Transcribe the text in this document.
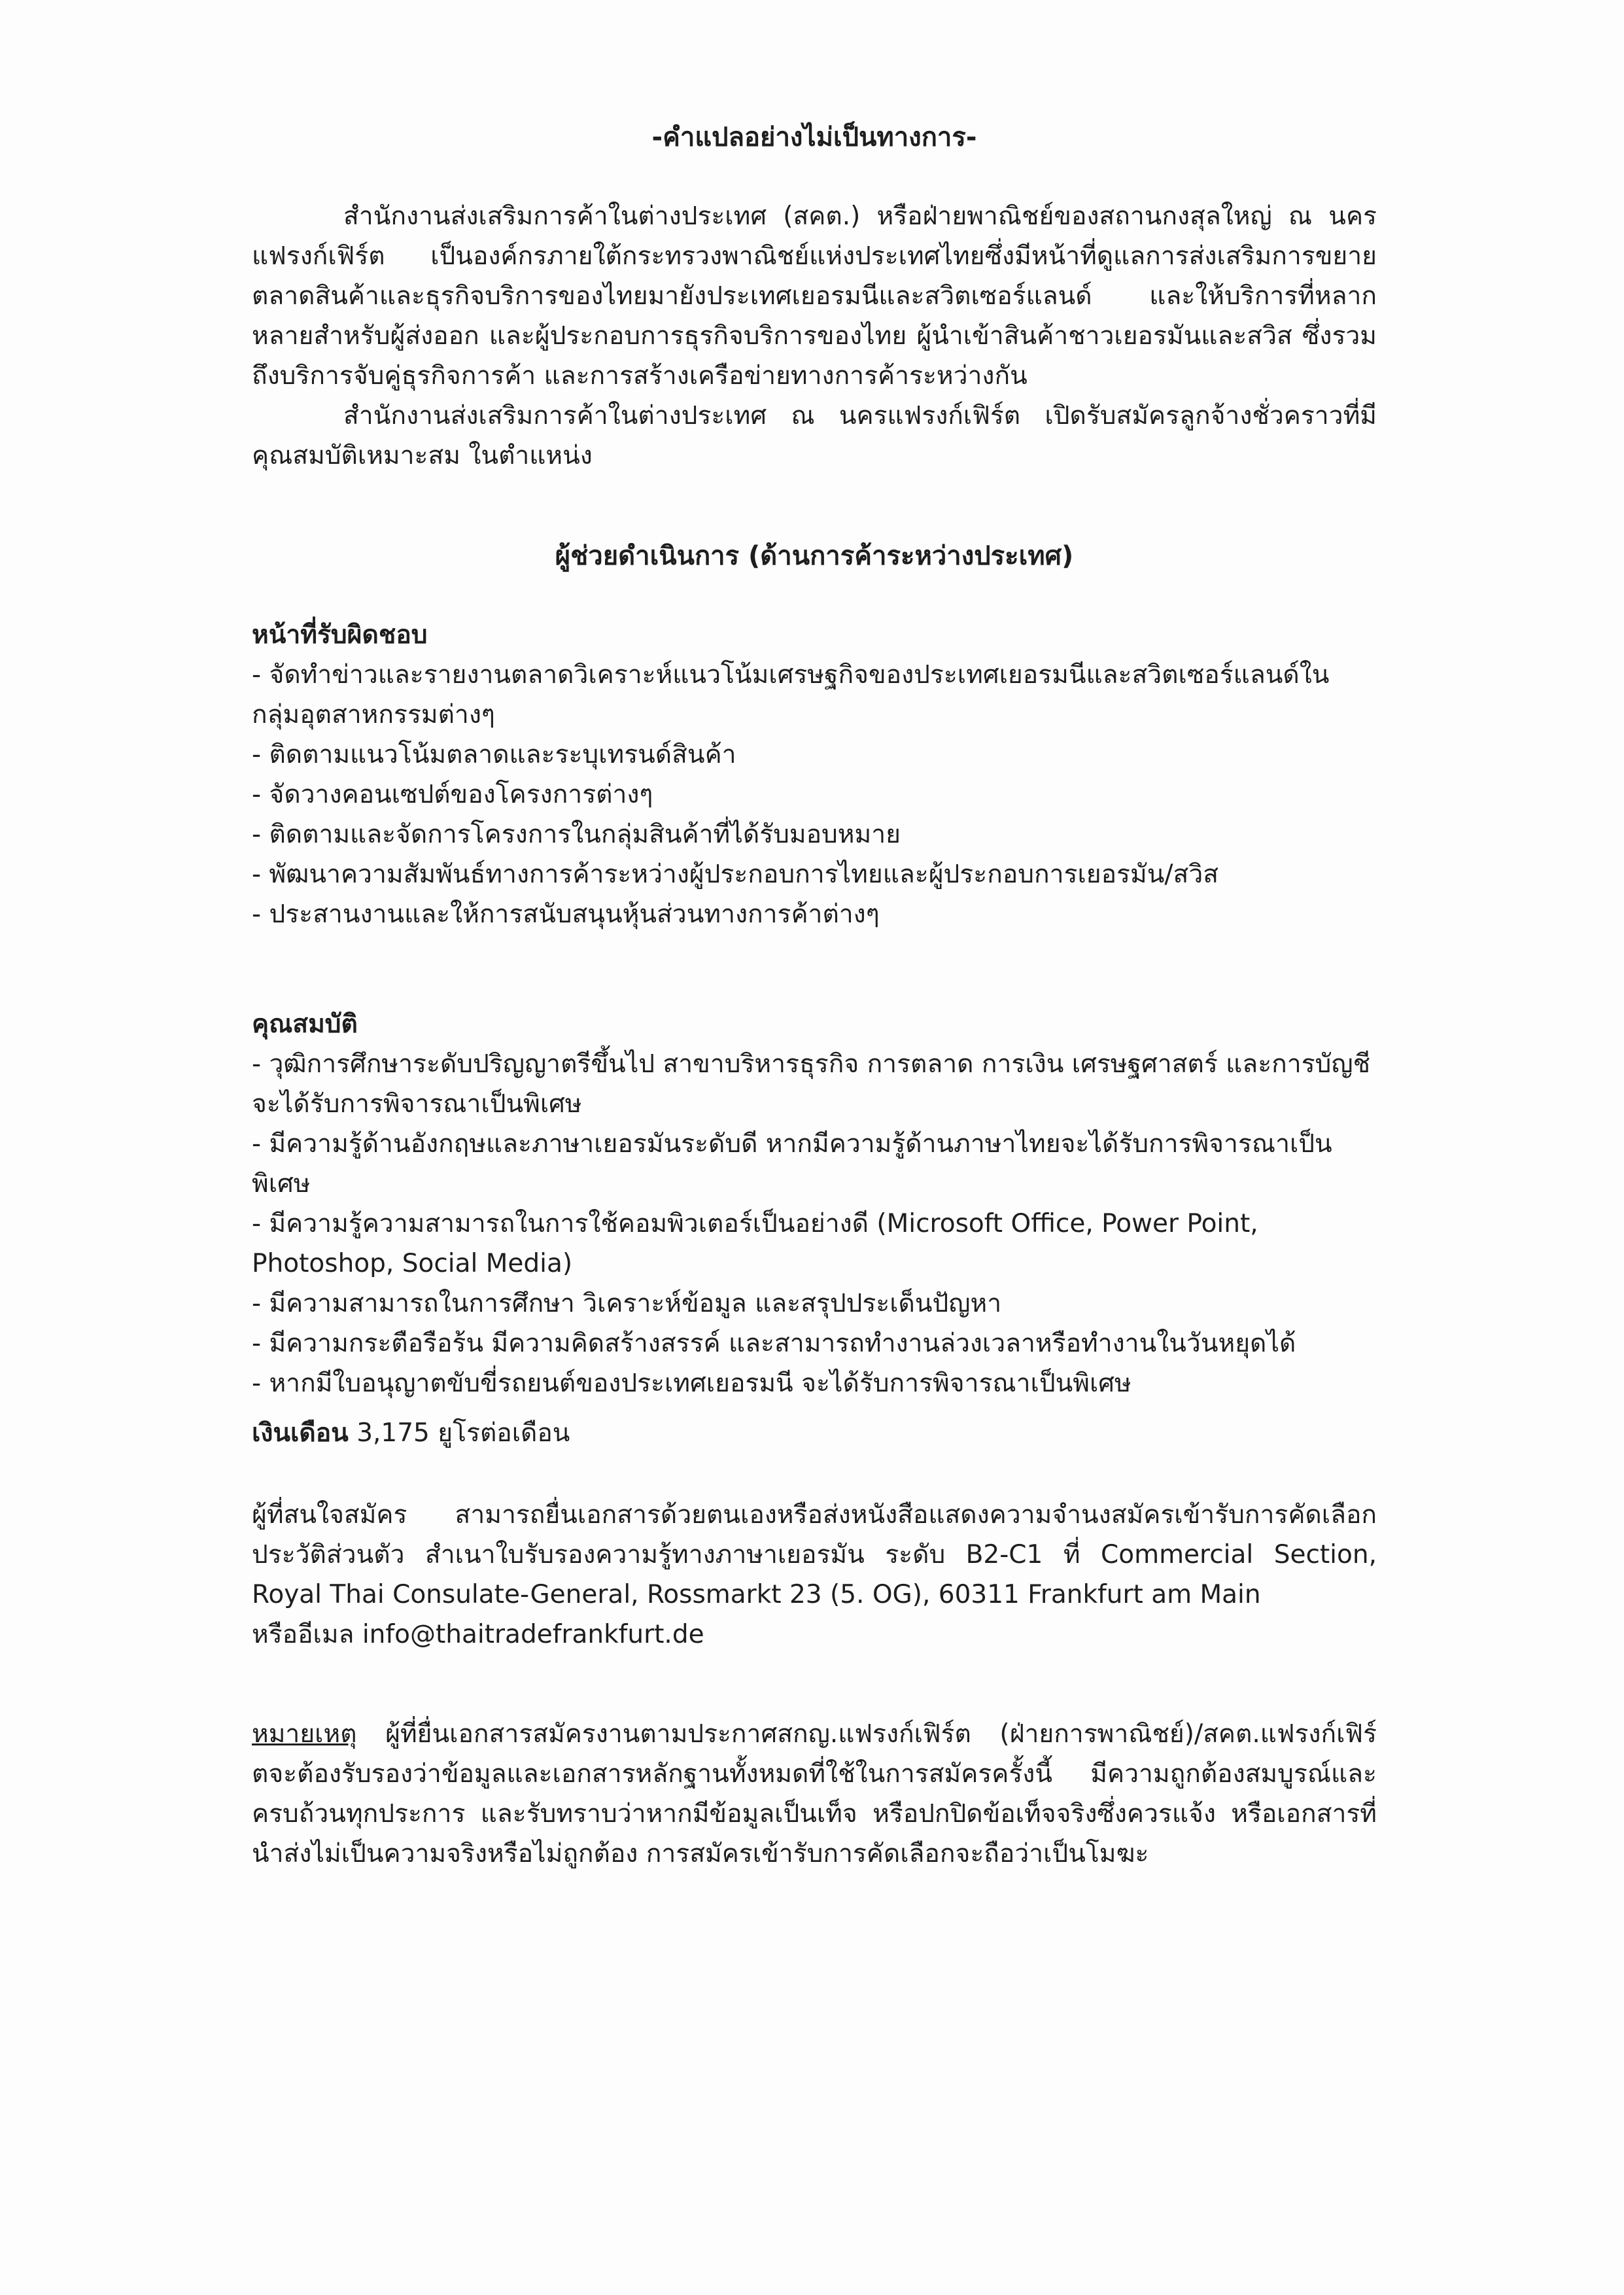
-คำแปลอย่างไม่เป็นทางการ-
สำนักงานส่งเสริมการค้าในต่างประเทศ (สคต.) หรือฝ่ายพาณิชย์ของสถานกงสุลใหญ่ ณ นครแฟรงก์เฟิร์ต เป็นองค์กรภายใต้กระทรวงพาณิชย์แห่งประเทศไทยซึ่งมีหน้าที่ดูแลการส่งเสริมการขยายตลาดสินค้าและธุรกิจบริการของไทยมายังประเทศเยอรมนีและสวิตเซอร์แลนด์ และให้บริการที่หลากหลายสำหรับผู้ส่งออก และผู้ประกอบการธุรกิจบริการของไทย ผู้นำเข้าสินค้าชาวเยอรมันและสวิส ซึ่งรวมถึงบริการจับคู่ธุรกิจการค้า และการสร้างเครือข่ายทางการค้าระหว่างกัน
สำนักงานส่งเสริมการค้าในต่างประเทศ ณ นครแฟรงก์เฟิร์ต เปิดรับสมัครลูกจ้างชั่วคราวที่มีคุณสมบัติเหมาะสม ในตำแหน่ง
ผู้ช่วยดำเนินการ (ด้านการค้าระหว่างประเทศ)
หน้าที่รับผิดชอบ
- จัดทำข่าวและรายงานตลาดวิเคราะห์แนวโน้มเศรษฐกิจของประเทศเยอรมนีและสวิตเซอร์แลนด์ในกลุ่มอุตสาหกรรมต่างๆ
- ติดตามแนวโน้มตลาดและระบุเทรนด์สินค้า
- จัดวางคอนเซปต์ของโครงการต่างๆ
- ติดตามและจัดการโครงการในกลุ่มสินค้าที่ได้รับมอบหมาย
- พัฒนาความสัมพันธ์ทางการค้าระหว่างผู้ประกอบการไทยและผู้ประกอบการเยอรมัน/สวิส
- ประสานงานและให้การสนับสนุนหุ้นส่วนทางการค้าต่างๆ
คุณสมบัติ
- วุฒิการศึกษาระดับปริญญาตรีขึ้นไป สาขาบริหารธุรกิจ การตลาด การเงิน เศรษฐศาสตร์ และการบัญชี จะได้รับการพิจารณาเป็นพิเศษ
- มีความรู้ด้านอังกฤษและภาษาเยอรมันระดับดี หากมีความรู้ด้านภาษาไทยจะได้รับการพิจารณาเป็นพิเศษ
- มีความรู้ความสามารถในการใช้คอมพิวเตอร์เป็นอย่างดี (Microsoft Office, Power Point, Photoshop, Social Media)
- มีความสามารถในการศึกษา วิเคราะห์ข้อมูล และสรุปประเด็นปัญหา
- มีความกระตือรือร้น มีความคิดสร้างสรรค์ และสามารถทำงานล่วงเวลาหรือทำงานในวันหยุดได้
- หากมีใบอนุญาตขับขี่รถยนต์ของประเทศเยอรมนี จะได้รับการพิจารณาเป็นพิเศษ
เงินเดือน 3,175 ยูโรต่อเดือน
ผู้ที่สนใจสมัคร สามารถยื่นเอกสารด้วยตนเองหรือส่งหนังสือแสดงความจำนงสมัครเข้ารับการคัดเลือก ประวัติส่วนตัว สำเนาใบรับรองความรู้ทางภาษาเยอรมัน ระดับ B2-C1 ที่ Commercial Section, Royal Thai Consulate-General, Rossmarkt 23 (5. OG), 60311 Frankfurt am Main
หรืออีเมล info@thaitradefrankfurt.de
หมายเหตุ ผู้ที่ยื่นเอกสารสมัครงานตามประกาศสกญ.แฟรงก์เฟิร์ต (ฝ่ายการพาณิชย์)/สคต.แฟรงก์เฟิร์ตจะต้องรับรองว่าข้อมูลและเอกสารหลักฐานทั้งหมดที่ใช้ในการสมัครครั้งนี้ มีความถูกต้องสมบูรณ์และครบถ้วนทุกประการ และรับทราบว่าหากมีข้อมูลเป็นเท็จ หรือปกปิดข้อเท็จจริงซึ่งควรแจ้ง หรือเอกสารที่นำส่งไม่เป็นความจริงหรือไม่ถูกต้อง การสมัครเข้ารับการคัดเลือกจะถือว่าเป็นโมฆะ
